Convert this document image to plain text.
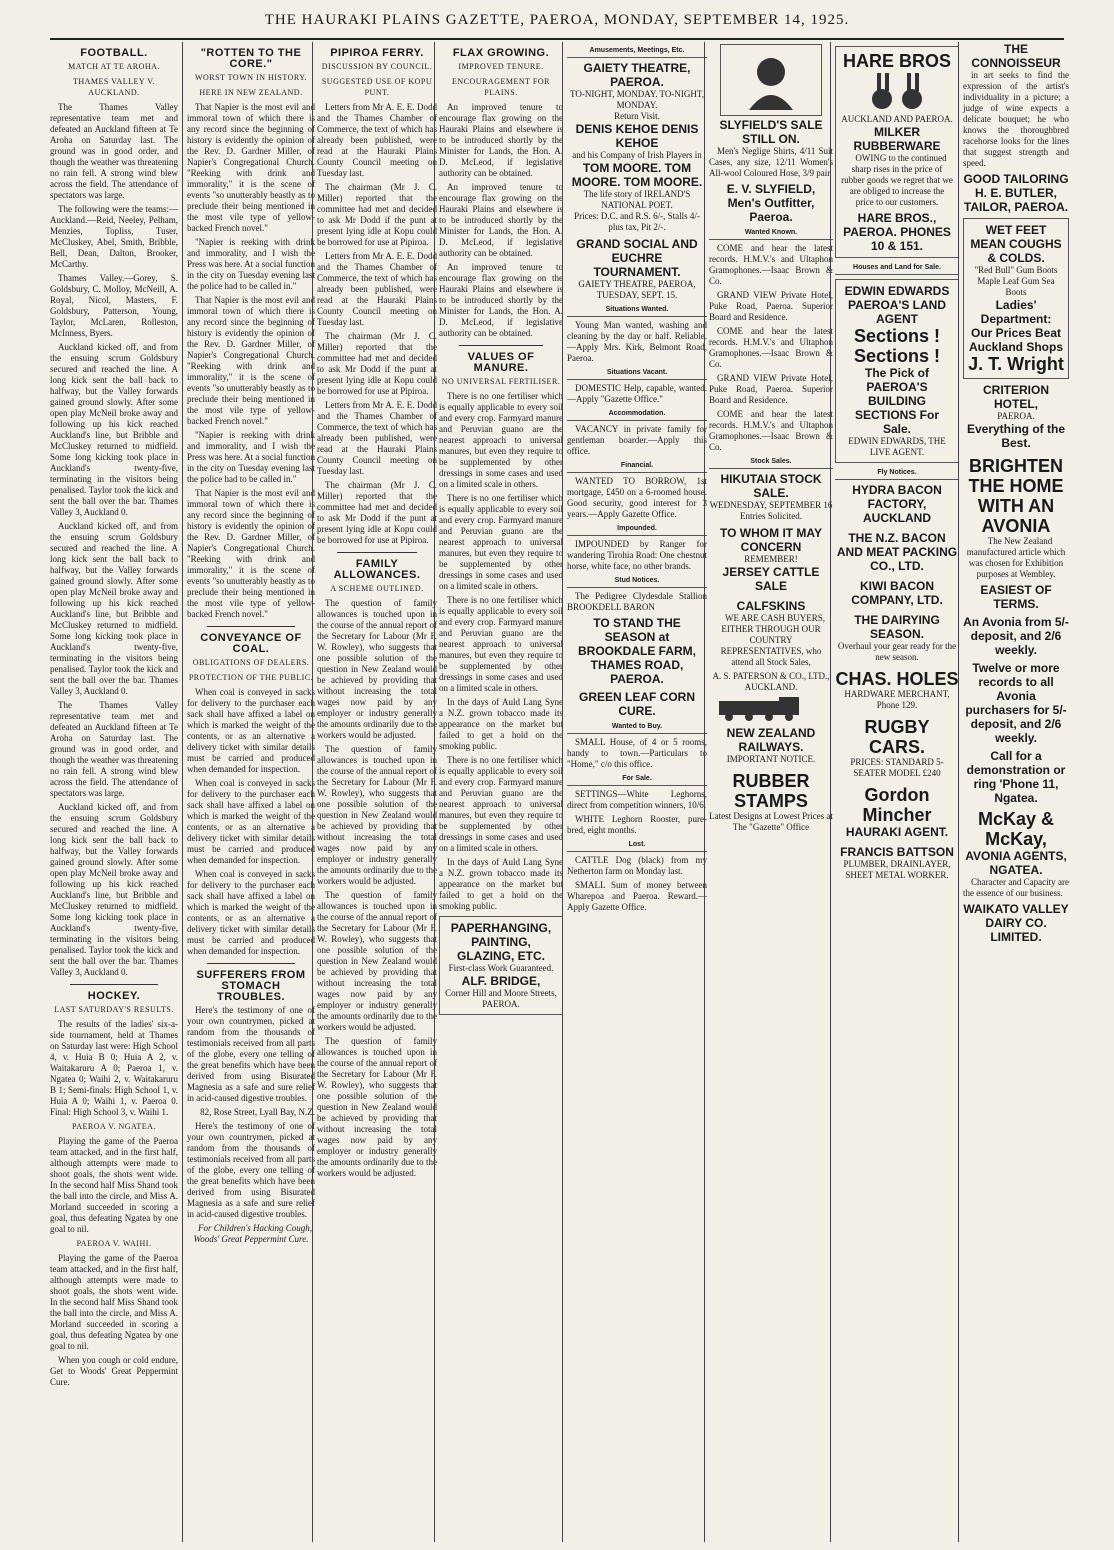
THE HAURAKI PLAINS GAZETTE, PAEROA, MONDAY, SEPTEMBER 14, 1925.
FOOTBALL.
MATCH AT TE AROHA.
THAMES VALLEY V. AUCKLAND.

The Thames Valley representative team met and defeated an Auckland fifteen at Te Aroha on Saturday last. The ground was in good order, and though the weather was threatening no rain fell. A strong wind blew across the field. The attendance of spectators was large.

The following were the teams:— Auckland.—Reid, Neeley, Pelham, Menzies, Topliss, Tuser, McCluskey, Abel, Smith, Bribble, Bell, Dean, Dalton, Brooker, McCarthy.

Thames Valley.—Gorey, S. Goldsbury, C. Molloy, McNeill, A. Royal, Nicol, Masters, F. Goldsbury, Patterson, Young, Taylor, McLaren, Rolleston, McInness, Byers.

Auckland kicked off, and from the ensuing scrum Goldsbury secured and reached the line. A long kick sent the ball back to halfway, but the Valley forwards gained ground slowly. After some open play McNeil broke away and following up his kick reached Auckland's line, but Bribble and McCluskey returned to midfield. Some long kicking took place in Auckland's twenty-five, terminating in the visitors being penalised. Taylor took the kick and sent the ball over the bar. Thames Valley 3, Auckland 0.

Auckland kicked off, and from the ensuing scrum Goldsbury secured and reached the line. A long kick sent the ball back to halfway, but the Valley forwards gained ground slowly. After some open play McNeil broke away and following up his kick reached Auckland's line, but Bribble and McCluskey returned to midfield. Some long kicking took place in Auckland's twenty-five, terminating in the visitors being penalised. Taylor took the kick and sent the ball over the bar. Thames Valley 3, Auckland 0.

The Thames Valley representative team met and defeated an Auckland fifteen at Te Aroha on Saturday last. The ground was in good order, and though the weather was threatening no rain fell. A strong wind blew across the field. The attendance of spectators was large.

Auckland kicked off, and from the ensuing scrum Goldsbury secured and reached the line. A long kick sent the ball back to halfway, but the Valley forwards gained ground slowly. After some open play McNeil broke away and following up his kick reached Auckland's line, but Bribble and McCluskey returned to midfield. Some long kicking took place in Auckland's twenty-five, terminating in the visitors being penalised. Taylor took the kick and sent the ball over the bar. Thames Valley 3, Auckland 0.

HOCKEY.
LAST SATURDAY'S RESULTS.

The results of the ladies' six-a-side tournament, held at Thames on Saturday last were: High School 4, v. Huia B 0; Huia A 2, v. Waitakaruru A 0; Paeroa 1, v. Ngatea 0; Waihi 2, v. Waitakaruru B 1; Semi-finals: High School 1, v. Huia A 0; Waihi 1, v. Paeroa 0. Final: High School 3, v. Waihi 1.

PAEROA V. NGATEA.

Playing the game of the Paeroa team attacked, and in the first half, although attempts were made to shoot goals, the shots went wide. In the second half Miss Shand took the ball into the circle, and Miss A. Morland succeeded in scoring a goal, thus defeating Ngatea by one goal to nil.

PAEROA V. WAIHI.

Playing the game of the Paeroa team attacked, and in the first half, although attempts were made to shoot goals, the shots went wide. In the second half Miss Shand took the ball into the circle, and Miss A. Morland succeeded in scoring a goal, thus defeating Ngatea by one goal to nil.

When you cough or cold endure, Get to Woods' Great Peppermint Cure.

"ROTTEN TO THE CORE."
WORST TOWN IN HISTORY.
HERE IN NEW ZEALAND.

That Napier is the most evil and immoral town of which there is any record since the beginning of history is evidently the opinion of the Rev. D. Gardner Miller, of Napier's Congregational Church. "Reeking with drink and immorality," it is the scene of events "so unutterably beastly as to preclude their being mentioned in the most vile type of yellow-backed French novel."

"Napier is reeking with drink and immorality, and I wish the Press was here. At a social function in the city on Tuesday evening last the police had to be called in."

That Napier is the most evil and immoral town of which there is any record since the beginning of history is evidently the opinion of the Rev. D. Gardner Miller, of Napier's Congregational Church. "Reeking with drink and immorality," it is the scene of events "so unutterably beastly as to preclude their being mentioned in the most vile type of yellow-backed French novel."

"Napier is reeking with drink and immorality, and I wish the Press was here. At a social function in the city on Tuesday evening last the police had to be called in."

That Napier is the most evil and immoral town of which there is any record since the beginning of history is evidently the opinion of the Rev. D. Gardner Miller, of Napier's Congregational Church. "Reeking with drink and immorality," it is the scene of events "so unutterably beastly as to preclude their being mentioned in the most vile type of yellow-backed French novel."

CONVEYANCE OF COAL.
OBLIGATIONS OF DEALERS.
PROTECTION OF THE PUBLIC.

When coal is conveyed in sacks for delivery to the purchaser each sack shall have affixed a label on which is marked the weight of the contents, or as an alternative a delivery ticket with similar details must be carried and produced when demanded for inspection.

When coal is conveyed in sacks for delivery to the purchaser each sack shall have affixed a label on which is marked the weight of the contents, or as an alternative a delivery ticket with similar details must be carried and produced when demanded for inspection.

When coal is conveyed in sacks for delivery to the purchaser each sack shall have affixed a label on which is marked the weight of the contents, or as an alternative a delivery ticket with similar details must be carried and produced when demanded for inspection.

SUFFERERS FROM STOMACH TROUBLES.

Here's the testimony of one of your own countrymen, picked at random from the thousands of testimonials received from all parts of the globe, every one telling of the great benefits which have been derived from using Bisurated Magnesia as a safe and sure relief in acid-caused digestive troubles.

82, Rose Street, Lyall Bay, N.Z.

Here's the testimony of one of your own countrymen, picked at random from the thousands of testimonials received from all parts of the globe, every one telling of the great benefits which have been derived from using Bisurated Magnesia as a safe and sure relief in acid-caused digestive troubles.

For Children's Hacking Cough, Woods' Great Peppermint Cure.

PIPIROA FERRY.
DISCUSSION BY COUNCIL.
SUGGESTED USE OF KOPU PUNT.

Letters from Mr A. E. E. Dodd and the Thames Chamber of Commerce, the text of which has already been published, were read at the Hauraki Plains County Council meeting on Tuesday last.

The chairman (Mr J. C. Miller) reported that the committee had met and decided to ask Mr Dodd if the punt at present lying idle at Kopu could be borrowed for use at Pipiroa.

Letters from Mr A. E. E. Dodd and the Thames Chamber of Commerce, the text of which has already been published, were read at the Hauraki Plains County Council meeting on Tuesday last.

The chairman (Mr J. C. Miller) reported that the committee had met and decided to ask Mr Dodd if the punt at present lying idle at Kopu could be borrowed for use at Pipiroa.

Letters from Mr A. E. E. Dodd and the Thames Chamber of Commerce, the text of which has already been published, were read at the Hauraki Plains County Council meeting on Tuesday last.

The chairman (Mr J. C. Miller) reported that the committee had met and decided to ask Mr Dodd if the punt at present lying idle at Kopu could be borrowed for use at Pipiroa.

FAMILY ALLOWANCES.
A SCHEME OUTLINED.

The question of family allowances is touched upon in the course of the annual report of the Secretary for Labour (Mr F. W. Rowley), who suggests that one possible solution of the question in New Zealand would be achieved by providing that without increasing the total wages now paid by any employer or industry generally the amounts ordinarily due to the workers would be adjusted.

The question of family allowances is touched upon in the course of the annual report of the Secretary for Labour (Mr F. W. Rowley), who suggests that one possible solution of the question in New Zealand would be achieved by providing that without increasing the total wages now paid by any employer or industry generally the amounts ordinarily due to the workers would be adjusted.

The question of family allowances is touched upon in the course of the annual report of the Secretary for Labour (Mr F. W. Rowley), who suggests that one possible solution of the question in New Zealand would be achieved by providing that without increasing the total wages now paid by any employer or industry generally the amounts ordinarily due to the workers would be adjusted.

The question of family allowances is touched upon in the course of the annual report of the Secretary for Labour (Mr F. W. Rowley), who suggests that one possible solution of the question in New Zealand would be achieved by providing that without increasing the total wages now paid by any employer or industry generally the amounts ordinarily due to the workers would be adjusted.

FLAX GROWING.
IMPROVED TENURE.
ENCOURAGEMENT FOR PLAINS.

An improved tenure to encourage flax growing on the Hauraki Plains and elsewhere is to be introduced shortly by the Minister for Lands, the Hon. A. D. McLeod, if legislative authority can be obtained.

An improved tenure to encourage flax growing on the Hauraki Plains and elsewhere is to be introduced shortly by the Minister for Lands, the Hon. A. D. McLeod, if legislative authority can be obtained.

An improved tenure to encourage flax growing on the Hauraki Plains and elsewhere is to be introduced shortly by the Minister for Lands, the Hon. A. D. McLeod, if legislative authority can be obtained.

VALUES OF MANURE.
NO UNIVERSAL FERTILISER.

There is no one fertiliser which is equally applicable to every soil and every crop. Farmyard manure and Peruvian guano are the nearest approach to universal manures, but even they require to be supplemented by other dressings in some cases and used on a limited scale in others.

There is no one fertiliser which is equally applicable to every soil and every crop. Farmyard manure and Peruvian guano are the nearest approach to universal manures, but even they require to be supplemented by other dressings in some cases and used on a limited scale in others.

There is no one fertiliser which is equally applicable to every soil and every crop. Farmyard manure and Peruvian guano are the nearest approach to universal manures, but even they require to be supplemented by other dressings in some cases and used on a limited scale in others.

In the days of Auld Lang Syne a N.Z. grown tobacco made its appearance on the market but failed to get a hold on the smoking public.

There is no one fertiliser which is equally applicable to every soil and every crop. Farmyard manure and Peruvian guano are the nearest approach to universal manures, but even they require to be supplemented by other dressings in some cases and used on a limited scale in others.

In the days of Auld Lang Syne a N.Z. grown tobacco made its appearance on the market but failed to get a hold on the smoking public.

PAPERHANGING, PAINTING, GLAZING, ETC.
First-class Work Guaranteed.
ALF. BRIDGE,
Corner Hill and Moore Streets, PAEROA.
Amusements, Meetings, Etc.
GAIETY THEATRE, PAEROA.
TO-NIGHT, MONDAY. TO-NIGHT, MONDAY.
Return Visit.
DENIS KEHOE DENIS KEHOE
and his Company of Irish Players in
TOM MOORE. TOM MOORE. TOM MOORE.
The life story of IRELAND'S NATIONAL POET.
Prices: D.C. and R.S. 6/-, Stalls 4/- plus tax, Pit 2/-.
GRAND SOCIAL AND EUCHRE TOURNAMENT.
GAIETY THEATRE, PAEROA, TUESDAY, SEPT. 15.
Situations Wanted.

Young Man wanted, washing and cleaning by the day or half. Reliable.—Apply Mrs. Kirk, Belmont Road, Paeroa.

Situations Vacant.

DOMESTIC Help, capable, wanted.—Apply "Gazette Office."

Accommodation.

VACANCY in private family for gentleman boarder.—Apply this office.

Financial.

WANTED TO BORROW, 1st mortgage, £450 on a 6-roomed house. Good security, good interest for 3 years.—Apply Gazette Office.

Impounded.

IMPOUNDED by Ranger for wandering Tirohia Road: One chestnut horse, white face, no other brands.

Stud Notices.

The Pedigree Clydesdale Stallion BROOKDELL BARON

TO STAND THE SEASON at BROOKDALE FARM, THAMES ROAD, PAEROA.
GREEN LEAF CORN CURE.
Wanted to Buy.

SMALL House, of 4 or 5 rooms, handy to town.—Particulars to "Home," c/o this office.

For Sale.

SETTINGS—White Leghorns, direct from competition winners, 10/6.

WHITE Leghorn Rooster, pure-bred, eight months.

Lost.

CATTLE Dog (black) from my Netherton farm on Monday last.

SMALL Sum of money between Wharepoa and Paeroa. Reward.—Apply Gazette Office.

SLYFIELD'S SALE STILL ON.

Men's Neglige Shirts, 4/11 Suit Cases, any size, 12/11 Women's All-wool Coloured Hose, 3/9 pair

E. V. SLYFIELD, Men's Outfitter, Paeroa.
Wanted Known.

COME and hear the latest records. H.M.V.'s and Ultaphon Gramophones.—Isaac Brown & Co.

GRAND VIEW Private Hotel, Puke Road, Paeroa. Superior Board and Residence.

COME and hear the latest records. H.M.V.'s and Ultaphon Gramophones.—Isaac Brown & Co.

GRAND VIEW Private Hotel, Puke Road, Paeroa. Superior Board and Residence.

COME and hear the latest records. H.M.V.'s and Ultaphon Gramophones.—Isaac Brown & Co.

Stock Sales.
HIKUTAIA STOCK SALE.
WEDNESDAY, SEPTEMBER 16
Entries Solicited.
TO WHOM IT MAY CONCERN
REMEMBER!
JERSEY CATTLE SALE
CALFSKINS

WE ARE CASH BUYERS, EITHER THROUGH OUR COUNTRY REPRESENTATIVES, who attend all Stock Sales,

A. S. PATERSON & CO., LTD., AUCKLAND.
NEW ZEALAND RAILWAYS.
IMPORTANT NOTICE.
RUBBER STAMPS
Latest Designs at Lowest Prices at The "Gazette" Office
HARE BROS
AUCKLAND AND PAEROA.
MILKER RUBBERWARE

OWING to the continued sharp rises in the price of rubber goods we regret that we are obliged to increase the price to our customers.

HARE BROS., PAEROA. PHONES 10 & 151.
Houses and Land for Sale.
EDWIN EDWARDS PAEROA'S LAND AGENT
Sections ! Sections !
The Pick of PAEROA'S BUILDING SECTIONS For Sale.
EDWIN EDWARDS, THE LIVE AGENT.
Fly Notices.
HYDRA BACON FACTORY, AUCKLAND
THE N.Z. BACON AND MEAT PACKING CO., LTD.
KIWI BACON COMPANY, LTD.
THE DAIRYING SEASON.
Overhaul your gear ready for the new season.
CHAS. HOLES
HARDWARE MERCHANT, Phone 129.
RUGBY CARS.
PRICES: STANDARD 5-SEATER MODEL £240
Gordon Mincher
HAURAKI AGENT.
FRANCIS BATTSON
PLUMBER, DRAINLAYER, SHEET METAL WORKER.
THE CONNOISSEUR

in art seeks to find the expression of the artist's individuality in a picture; a judge of wine expects a delicate bouquet; he who knows the thoroughbred racehorse looks for the lines that suggest strength and speed.

GOOD TAILORING
H. E. BUTLER, TAILOR, PAEROA.
WET FEET MEAN COUGHS & COLDS.
"Red Bull" Gum Boots Maple Leaf Gum Sea Boots
Ladies' Department:
Our Prices Beat Auckland Shops
J. T. Wright
CRITERION HOTEL,
PAEROA.
Everything of the Best.
BRIGHTEN THE HOME WITH AN AVONIA

The New Zealand manufactured article which was chosen for Exhibition purposes at Wembley.

EASIEST OF TERMS.
An Avonia from 5/- deposit, and 2/6 weekly.
Twelve or more records to all Avonia purchasers for 5/- deposit, and 2/6 weekly.
Call for a demonstration or ring 'Phone 11, Ngatea.
McKay & McKay,
AVONIA AGENTS, NGATEA.

Character and Capacity are the essence of our business.

WAIKATO VALLEY DAIRY CO. LIMITED.
